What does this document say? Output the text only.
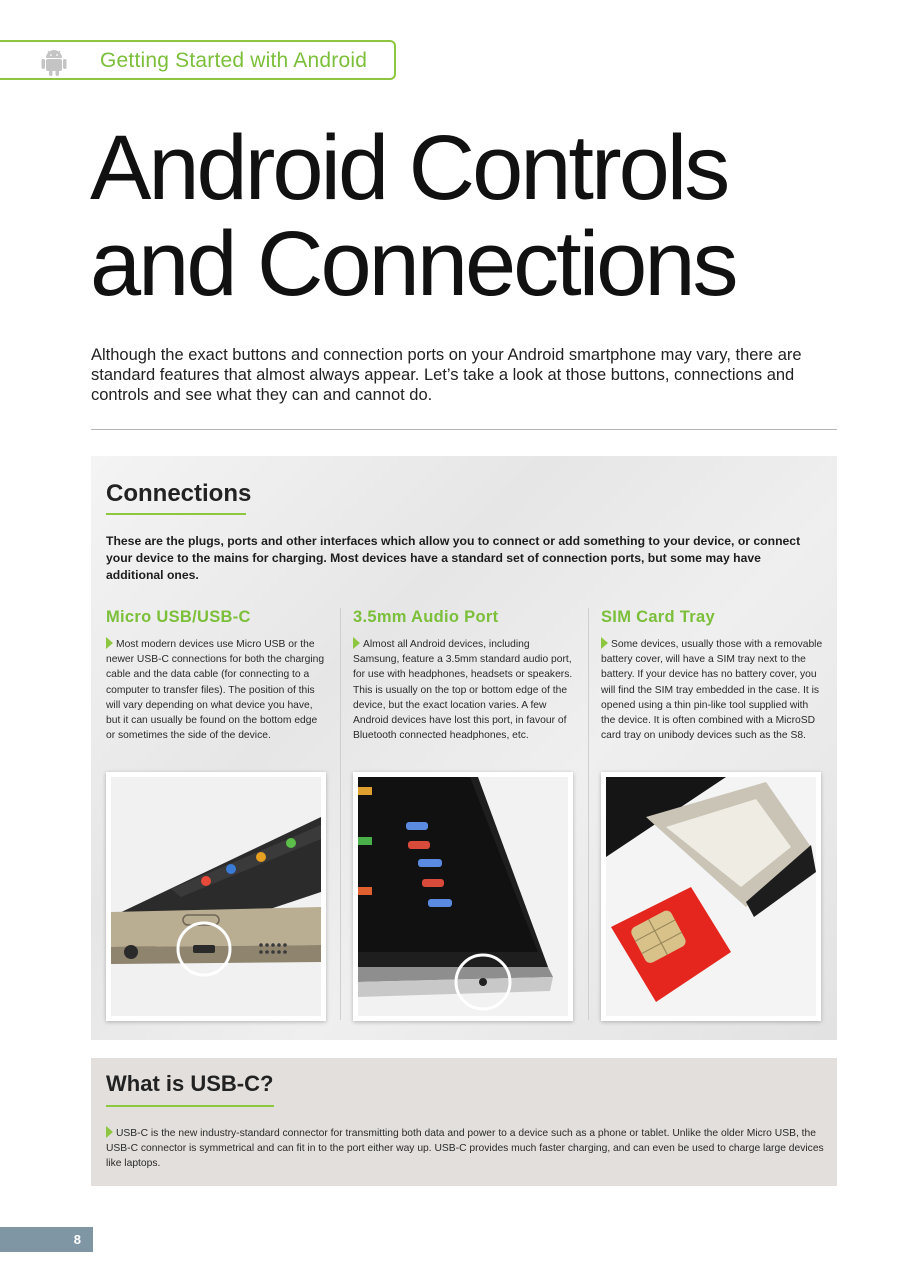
Getting Started with Android
Android Controls
and Connections

Although the exact buttons and connection ports on your Android smartphone may vary, there are standard features that almost always appear. Let’s take a look at those buttons, connections and controls and see what they can and cannot do.

Connections

These are the plugs, ports and other interfaces which allow you to connect or add something to your device, or connect your device to the mains for charging. Most devices have a standard set of connection ports, but some may have additional ones.

Micro USB/USB-C

Most modern devices use Micro USB or the newer USB-C connections for both the charging cable and the data cable (for connecting to a computer to transfer files). The position of this will vary depending on what device you have, but it can usually be found on the bottom edge or sometimes the side of the device.

3.5mm Audio Port

Almost all Android devices, including Samsung, feature a 3.5mm standard audio port, for use with headphones, headsets or speakers. This is usually on the top or bottom edge of the device, but the exact location varies. A few Android devices have lost this port, in favour of Bluetooth connected headphones, etc.

SIM Card Tray

Some devices, usually those with a removable battery cover, will have a SIM tray next to the battery. If your device has no battery cover, you will find the SIM tray embedded in the case. It is opened using a thin pin-like tool supplied with the device. It is often combined with a MicroSD card tray on unibody devices such as the S8.

What is USB-C?

USB-C is the new industry-standard connector for transmitting both data and power to a device such as a phone or tablet. Unlike the older Micro USB, the USB-C connector is symmetrical and can fit in to the port either way up. USB-C provides much faster charging, and can even be used to charge large devices like laptops.

8
